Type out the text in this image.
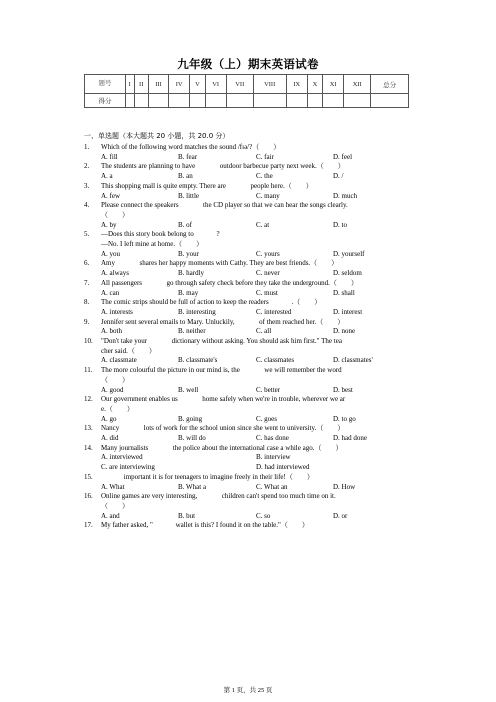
九年级（上）期末英语试卷
题号	I	II	III	IV	V	VI	VII	VIII	IX	X	XI	XII	总分
得分													
一、单选题（本大题共 20 小题，共 20.0 分）
1. Which of the following word matches the sound /fɪə/?（　　）
A. fill	B. fear	C. fair	D. feel
2. The students are planning to have     outdoor barbecue party next week.（　　）
A. a	B. an	C. the	D. /
3. This shopping mall is quite empty. There are     people here.（　　）
A. few	B. little	C. many	D. much
4. Please connect the speakers     the CD player so that we can hear the songs clearly.
（　　）
A. by	B. of	C. at	D. to
5. —Does this story book belong to    ?
—No. I left mine at home.（　　）
A. you	B. your	C. yours	D. yourself
6. Amy     shares her happy moments with Cathy. They are best friends.（　　）
A. always	B. hardly	C. never	D. seldom
7. All passengers     go through safety check before they take the underground.（　　）
A. can	B. may	C. must	D. shall
8. The comic strips should be full of action to keep the readers    .（　　）
A. interests	B. interesting	C. interested	D. interest
9. Jennifer sent several emails to Mary. Unluckily,     of them reached her.（　　）
A. both	B. neither	C. all	D. none
10. "Don't take your     dictionary without asking. You should ask him first." The tea
cher said.（　　）
A. classmate	B. classmate's	C. classmates	D. classmates'
11. The more colourful the picture in our mind is, the     we will remember the word
（　　）
A. good	B. well	C. better	D. best
12. Our government enables us     home safely when we're in trouble, wherever we ar
e.（　　）
A. go	B. going	C. goes	D. to go
13. Nancy     lots of work for the school union since she went to university.（　　）
A. did	B. will do	C. has done	D. had done
14. Many journalists     the police about the international case a while ago.（　　）
A. interviewed	B. interview
C. are interviewing	D. had interviewed
15.    important it is for teenagers to imagine freely in their life!（　　）
A. What	B. What a	C. What an	D. How
16. Online games are very interesting,     children can't spend too much time on it.
（　　）
A. and	B. but	C. so	D. or
17. My father asked, "    wallet is this? I found it on the table."（　　）
第 1 页，共 25 页
